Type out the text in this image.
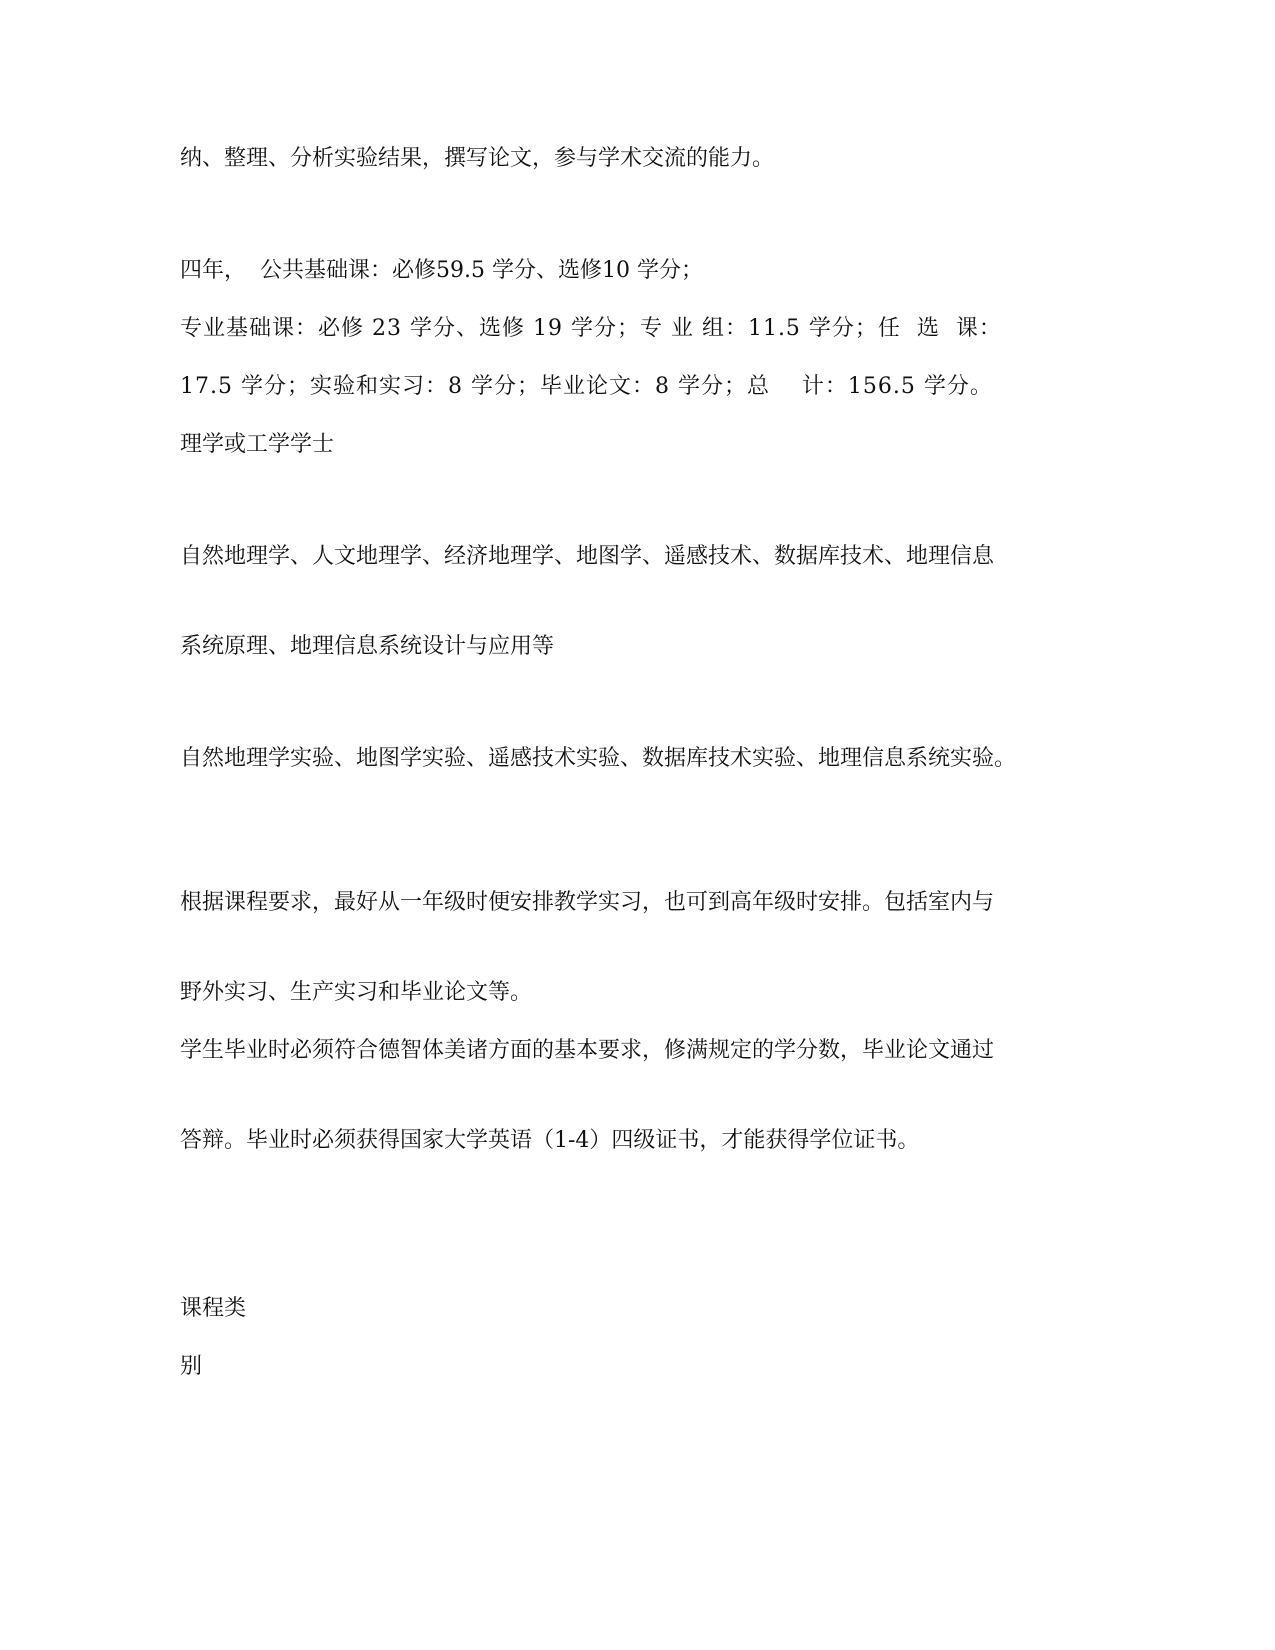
纳、整理、分析实验结果，撰写论文，参与学术交流的能力。
四年，  公共基础课：必修59.5 学分、选修10 学分；
专业基础课：必修 23 学分、选修 19 学分；专 业 组：11.5 学分；任  选  课：
17.5 学分；实验和实习：8 学分；毕业论文：8 学分；总    计：156.5 学分。
理学或工学学士
自然地理学、人文地理学、经济地理学、地图学、遥感技术、数据库技术、地理信息
系统原理、地理信息系统设计与应用等
自然地理学实验、地图学实验、遥感技术实验、数据库技术实验、地理信息系统实验。
根据课程要求，最好从一年级时便安排教学实习，也可到高年级时安排。包括室内与
野外实习、生产实习和毕业论文等。
学生毕业时必须符合德智体美诸方面的基本要求，修满规定的学分数，毕业论文通过
答辩。毕业时必须获得国家大学英语（1-4）四级证书，才能获得学位证书。
课程类
别
